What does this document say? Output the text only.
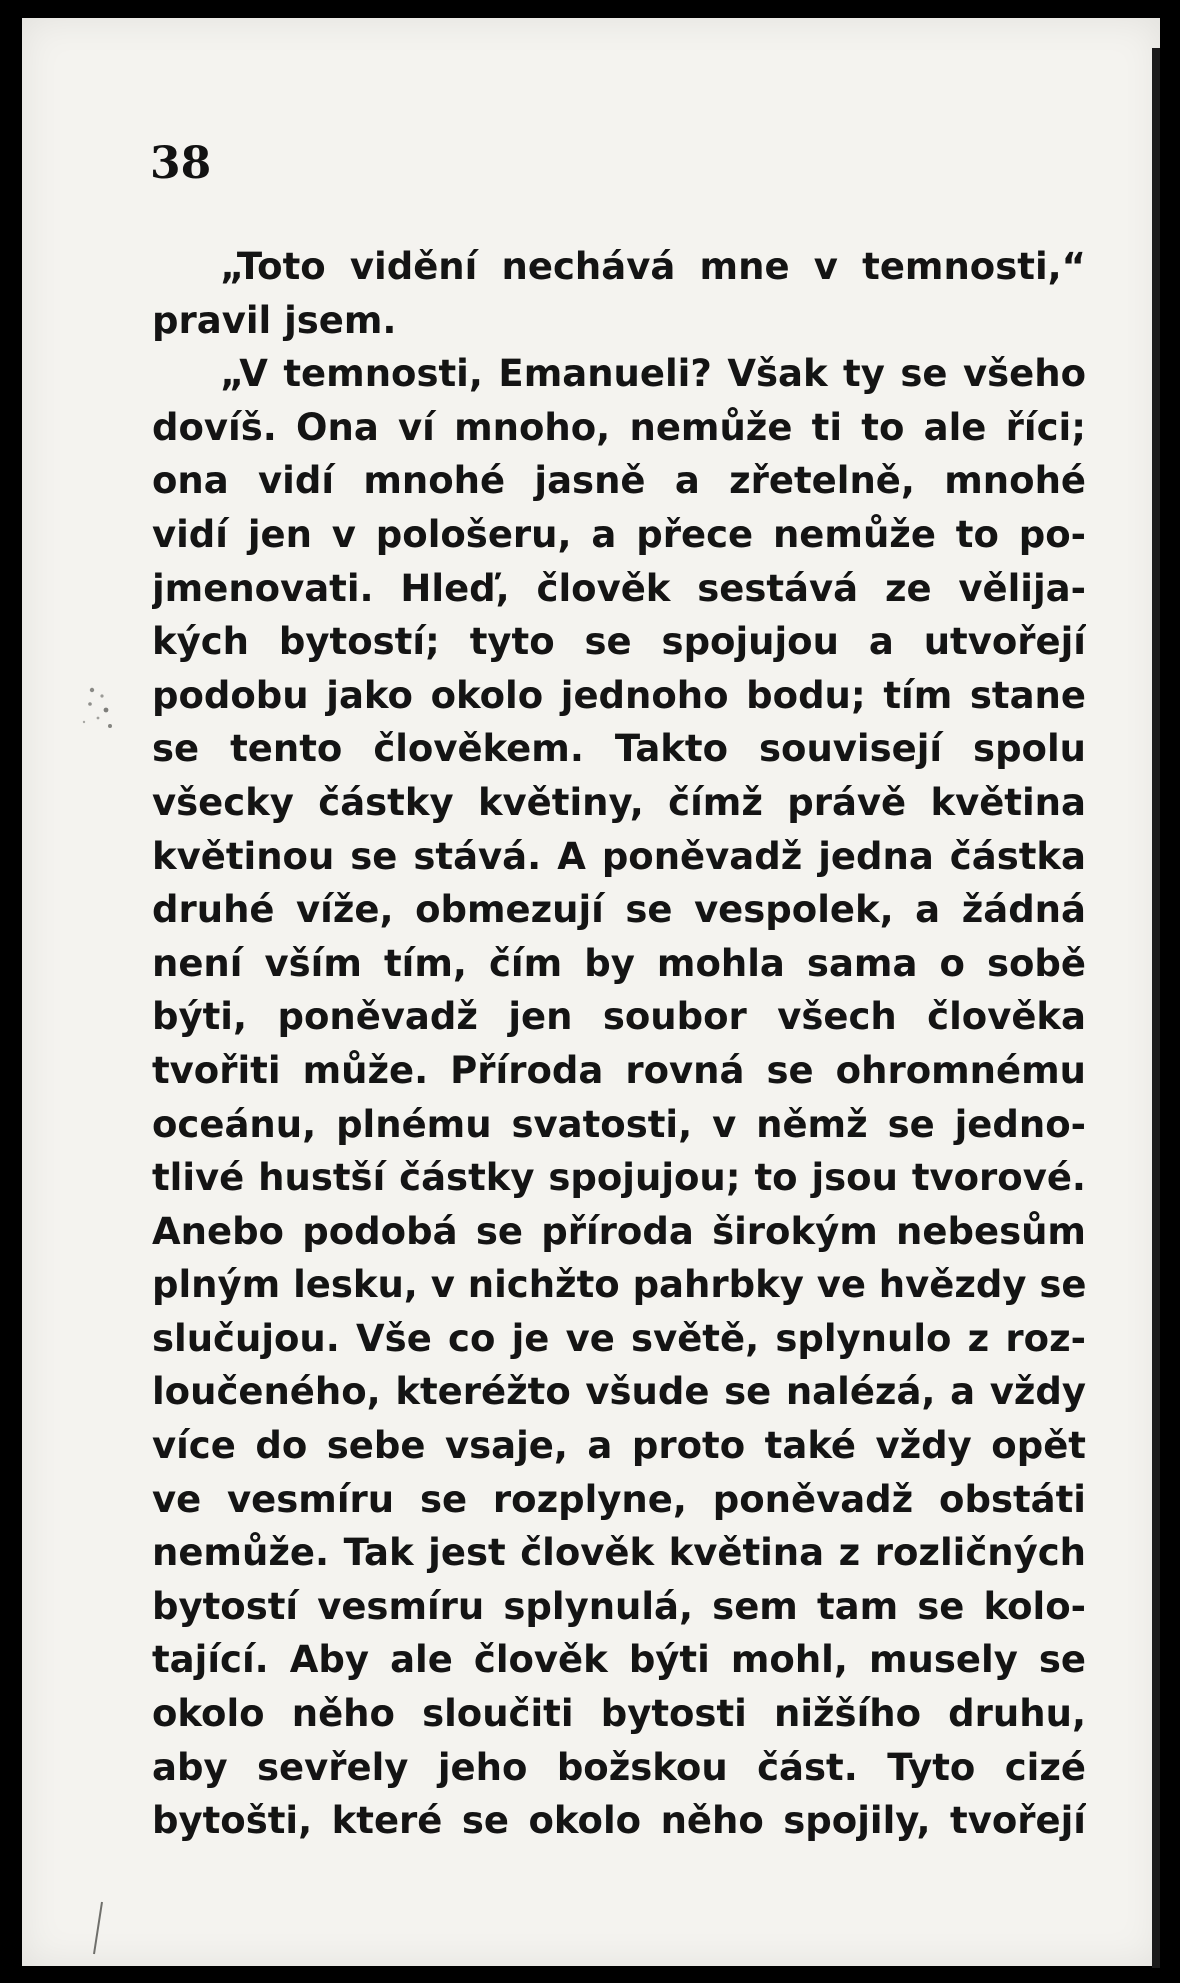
38
„Toto vidění nechává mne v temnosti,“
pravil jsem.
„V temnosti, Emanueli? Však ty se všeho
dovíš. Ona ví mnoho, nemůže ti to ale říci;
ona vidí mnohé jasně a zřetelně, mnohé
vidí jen v pološeru, a přece nemůže to po-
jmenovati. Hleď, člověk sestává ze vělija-
kých bytostí; tyto se spojujou a utvořejí
podobu jako okolo jednoho bodu; tím stane
se tento člověkem. Takto souvisejí spolu
všecky částky květiny, čímž právě květina
květinou se stává. A poněvadž jedna částka
druhé víže, obmezují se vespolek, a žádná
není vším tím, čím by mohla sama o sobě
býti, poněvadž jen soubor všech člověka
tvořiti může. Příroda rovná se ohromnému
oceánu, plnému svatosti, v němž se jedno-
tlivé hustší částky spojujou; to jsou tvorové.
Anebo podobá se příroda širokým nebesům
plným lesku, v nichžto pahrbky ve hvězdy se
slučujou. Vše co je ve světě, splynulo z roz-
loučeného, kteréžto všude se nalézá, a vždy
více do sebe vsaje, a proto také vždy opět
ve vesmíru se rozplyne, poněvadž obstáti
nemůže. Tak jest člověk květina z rozličných
bytostí vesmíru splynulá, sem tam se kolo-
tající. Aby ale člověk býti mohl, musely se
okolo něho sloučiti bytosti nižšího druhu,
aby sevřely jeho božskou část. Tyto cizé
bytošti, které se okolo něho spojily, tvořejí
